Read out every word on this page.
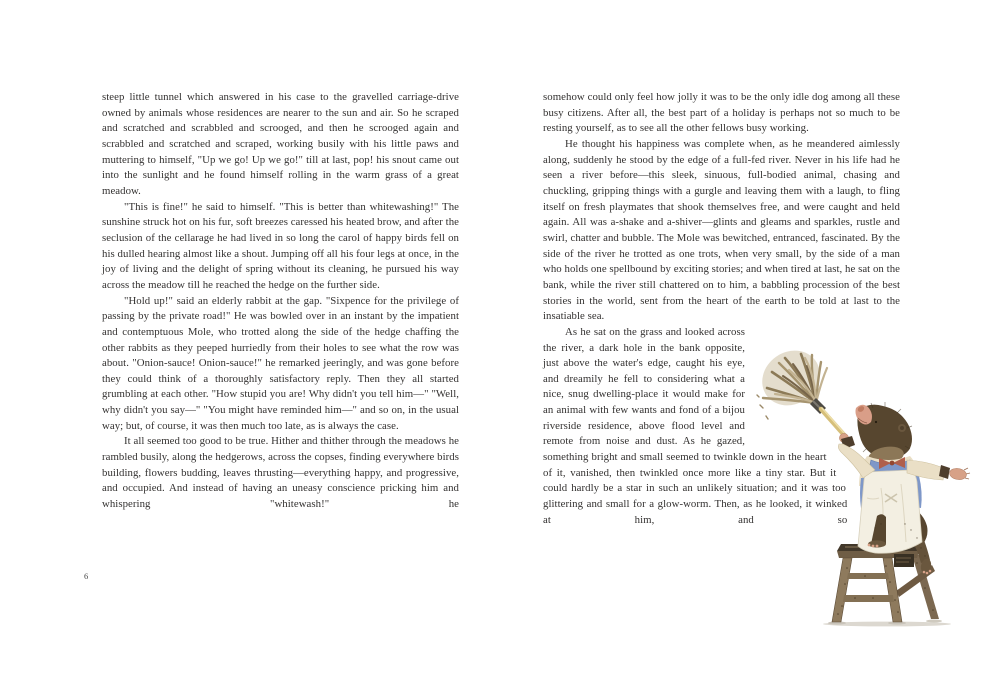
steep little tunnel which answered in his case to the gravelled carriage-drive owned by animals whose residences are nearer to the sun and air. So he scraped and scratched and scrabbled and scrooged, and then he scrooged again and scrabbled and scratched and scraped, working busily with his little paws and muttering to himself, "Up we go! Up we go!" till at last, pop! his snout came out into the sunlight and he found himself rolling in the warm grass of a great meadow.

"This is fine!" he said to himself. "This is better than whitewashing!" The sunshine struck hot on his fur, soft breezes caressed his heated brow, and after the seclusion of the cellarage he had lived in so long the carol of happy birds fell on his dulled hearing almost like a shout. Jumping off all his four legs at once, in the joy of living and the delight of spring without its cleaning, he pursued his way across the meadow till he reached the hedge on the further side.

"Hold up!" said an elderly rabbit at the gap. "Sixpence for the privilege of passing by the private road!" He was bowled over in an instant by the impatient and contemptuous Mole, who trotted along the side of the hedge chaffing the other rabbits as they peeped hurriedly from their holes to see what the row was about. "Onion-sauce! Onion-sauce!" he remarked jeeringly, and was gone before they could think of a thoroughly satisfactory reply. Then they all started grumbling at each other. "How stupid you are! Why didn't you tell him—" "Well, why didn't you say—" "You might have reminded him—" and so on, in the usual way; but, of course, it was then much too late, as is always the case.

It all seemed too good to be true. Hither and thither through the meadows he rambled busily, along the hedgerows, across the copses, finding everywhere birds building, flowers budding, leaves thrusting—everything happy, and progressive, and occupied. And instead of having an uneasy conscience pricking him and whispering "whitewash!" he

6

somehow could only feel how jolly it was to be the only idle dog among all these busy citizens. After all, the best part of a holiday is perhaps not so much to be resting yourself, as to see all the other fellows busy working.

He thought his happiness was complete when, as he meandered aimlessly along, suddenly he stood by the edge of a full-fed river. Never in his life had he seen a river before—this sleek, sinuous, full-bodied animal, chasing and chuckling, gripping things with a gurgle and leaving them with a laugh, to fling itself on fresh playmates that shook themselves free, and were caught and held again. All was a-shake and a-shiver—glints and gleams and sparkles, rustle and swirl, chatter and bubble. The Mole was bewitched, entranced, fascinated. By the side of the river he trotted as one trots, when very small, by the side of a man who holds one spellbound by exciting stories; and when tired at last, he sat on the bank, while the river still chattered on to him, a babbling procession of the best stories in the world, sent from the heart of the earth to be told at last to the insatiable sea.

As he sat on the grass and looked across the river, a dark hole in the bank opposite, just above the water's edge, caught his eye, and dreamily he fell to considering what a nice, snug dwelling-place it would make for an animal with few wants and fond of a bijou riverside residence, above flood level and remote from noise and dust. As he gazed, something bright and small seemed to twinkle down in the heart of it, vanished, then twinkled once more like a tiny star. But it could hardly be a star in such an unlikely situation; and it was too glittering and small for a glow-worm. Then, as he looked, it winked at him, and so
